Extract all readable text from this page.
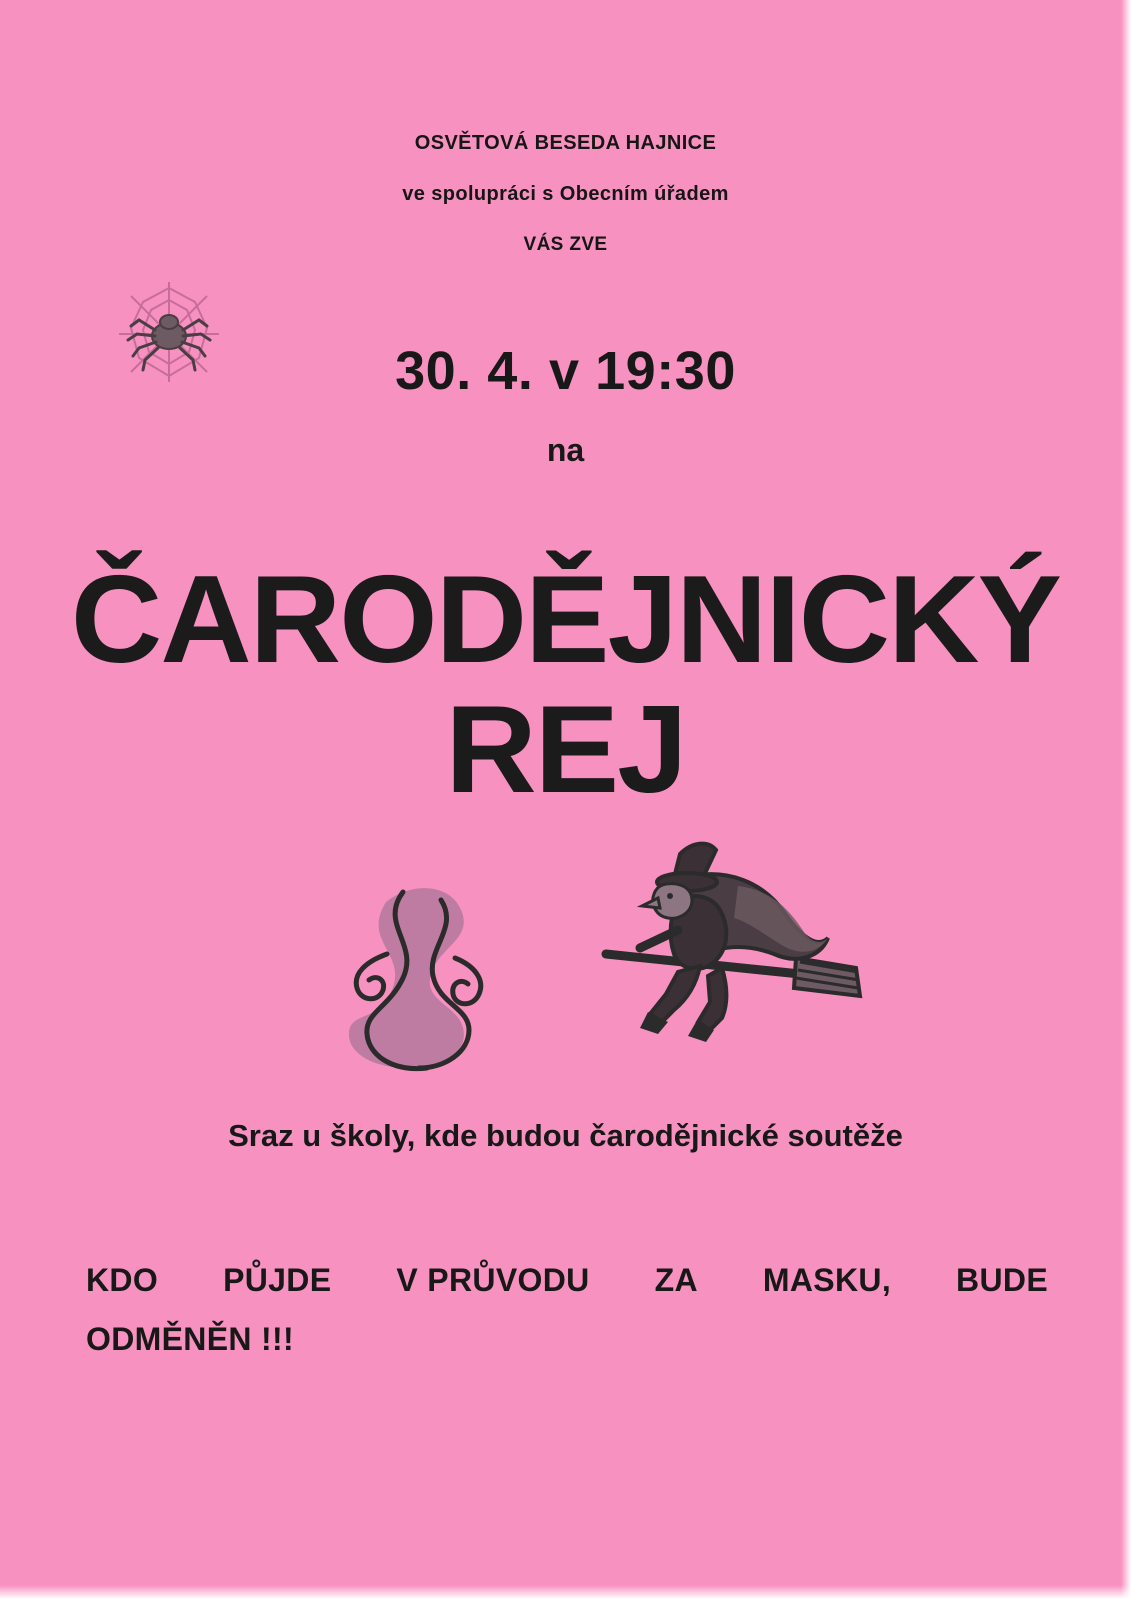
OSVĚTOVÁ BESEDA HAJNICE
ve spolupráci s Obecním úřadem
VÁS ZVE
30. 4. v 19:30
na
ČARODĚJNICKÝ REJ
Sraz u školy, kde budou čarodějnické soutěže
KDO PŮJDE V PRŮVODU ZA MASKU, BUDE
ODMĚNĚN !!!
